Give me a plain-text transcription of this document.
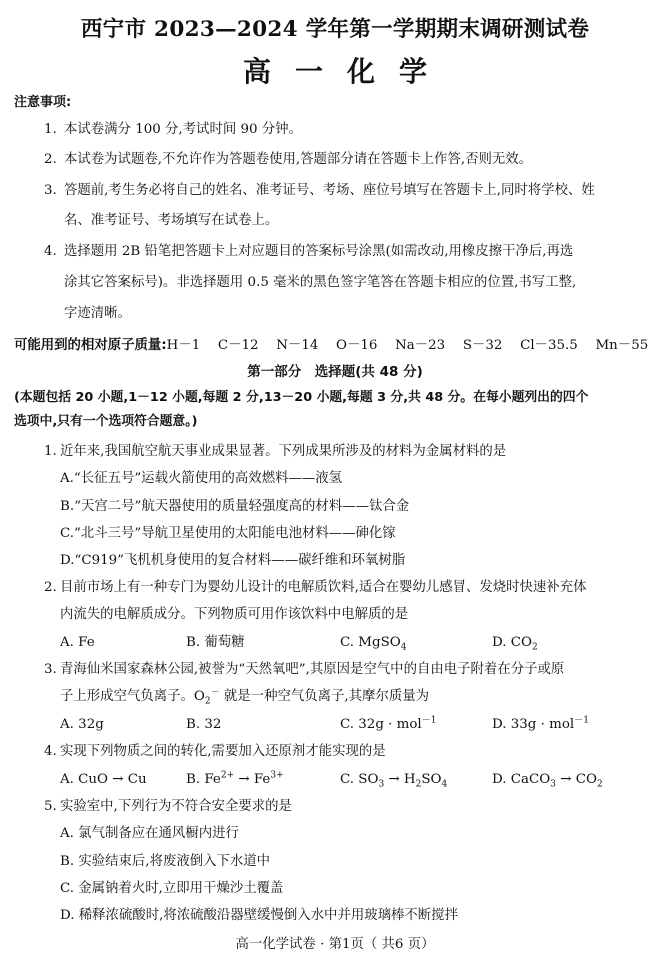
西宁市 2023—2024 学年第一学期期末调研测试卷
高一化学
注意事项:
1. 本试卷满分 100 分,考试时间 90 分钟。
2. 本试卷为试题卷,不允许作为答题卷使用,答题部分请在答题卡上作答,否则无效。
3. 答题前,考生务必将自己的姓名、准考证号、考场、座位号填写在答题卡上,同时将学校、姓
名、准考证号、考场填写在试卷上。
4. 选择题用 2B 铅笔把答题卡上对应题目的答案标号涂黑(如需改动,用橡皮擦干净后,再选
涂其它答案标号)。非选择题用 0.5 毫米的黑色签字笔答在答题卡相应的位置,书写工整,
字迹清晰。
可能用到的相对原子质量:H－1　 C－12　 N－14　 O－16　 Na－23　 S－32　 Cl－35.5　 Mn－55
第一部分　选择题(共 48 分)
(本题包括 20 小题,1－12 小题,每题 2 分,13－20 小题,每题 3 分,共 48 分。在每小题列出的四个
选项中,只有一个选项符合题意。)
1. 近年来,我国航空航天事业成果显著。下列成果所涉及的材料为金属材料的是
A.“长征五号”运载火箭使用的高效燃料——液氢
B.“天宫二号”航天器使用的质量轻强度高的材料——钛合金
C.“北斗三号”导航卫星使用的太阳能电池材料——砷化镓
D.“C919”飞机机身使用的复合材料——碳纤维和环氧树脂
2. 目前市场上有一种专门为婴幼儿设计的电解质饮料,适合在婴幼儿感冒、发烧时快速补充体
内流失的电解质成分。下列物质可用作该饮料中电解质的是
A. Fe	B. 葡萄糖	C. MgSO$_4$	D. $CO_2$
3. 青海仙米国家森林公园,被誉为“天然氧吧”,其原因是空气中的自由电子附着在分子或原
子上形成空气负离子。$O_2^-$ 就是一种空气负离子,其摩尔质量为
A. 32g	B. 32	C. 32g · mol$^{-1}$	D. 33g · mol$^{-1}$
4. 实现下列物质之间的转化,需要加入还原剂才能实现的是
A. CuO → Cu	B. $Fe^{2+} \to Fe^{3+}$	C. $SO_3 \to H_2SO_4$	D. CaCO$_3$ → $CO_2$
5. 实验室中,下列行为不符合安全要求的是
A. 氯气制备应在通风橱内进行
B. 实验结束后,将废液倒入下水道中
C. 金属钠着火时,立即用干燥沙土覆盖
D. 稀释浓硫酸时,将浓硫酸沿器壁缓慢倒入水中并用玻璃棒不断搅拌
高一化学试卷 · 第1页（ 共6 页）
